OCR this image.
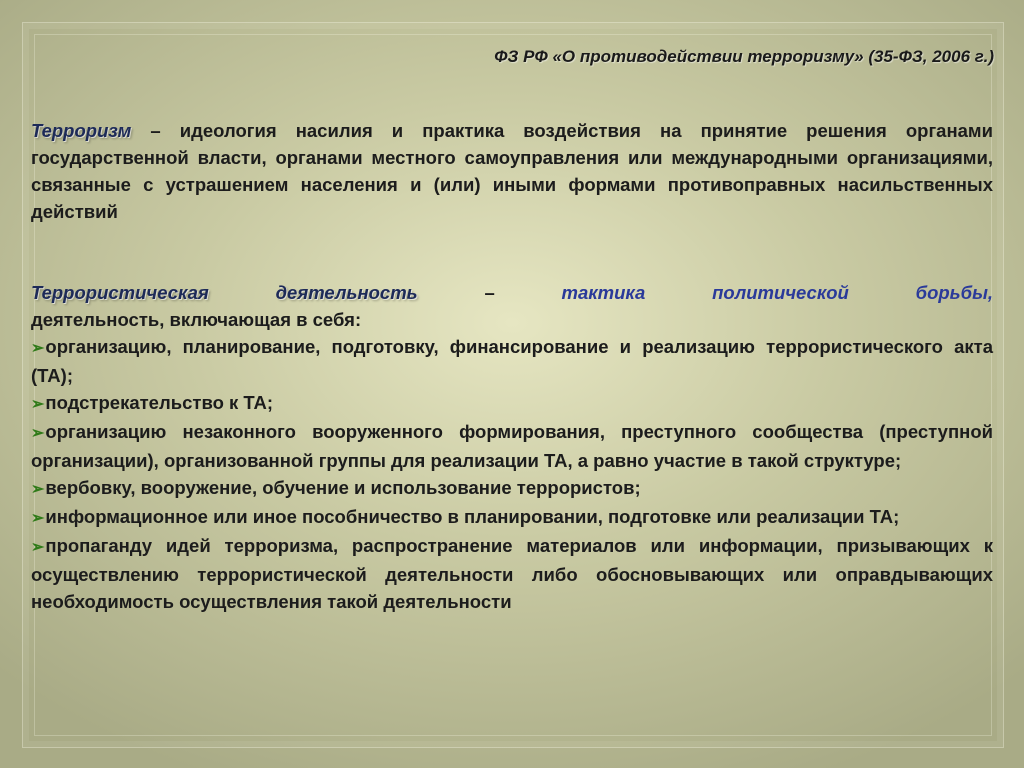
ФЗ РФ «О противодействии терроризму» (35-ФЗ, 2006 г.)

Терроризм – идеология насилия и практика воздействия на принятие решения органами государственной власти, органами местного самоуправления или международными организациями, связанные с устрашением населения и (или) иными формами противоправных насильственных действий

Террористическая	деятельность	–	тактика	политической	борьбы,

деятельность, включающая в себя:

➢организацию, планирование, подготовку, финансирование и реализацию террористического акта (ТА);

➢подстрекательство к ТА;

➢организацию незаконного вооруженного формирования, преступного сообщества (преступной организации), организованной группы для реализации ТА, а равно участие в такой структуре;

➢вербовку, вооружение, обучение и использование террористов;

➢информационное или иное пособничество в планировании, подготовке или реализации ТА;

➢пропаганду идей терроризма, распространение материалов или информации, призывающих к осуществлению террористической деятельности либо обосновывающих или оправдывающих необходимость осуществления такой деятельности
